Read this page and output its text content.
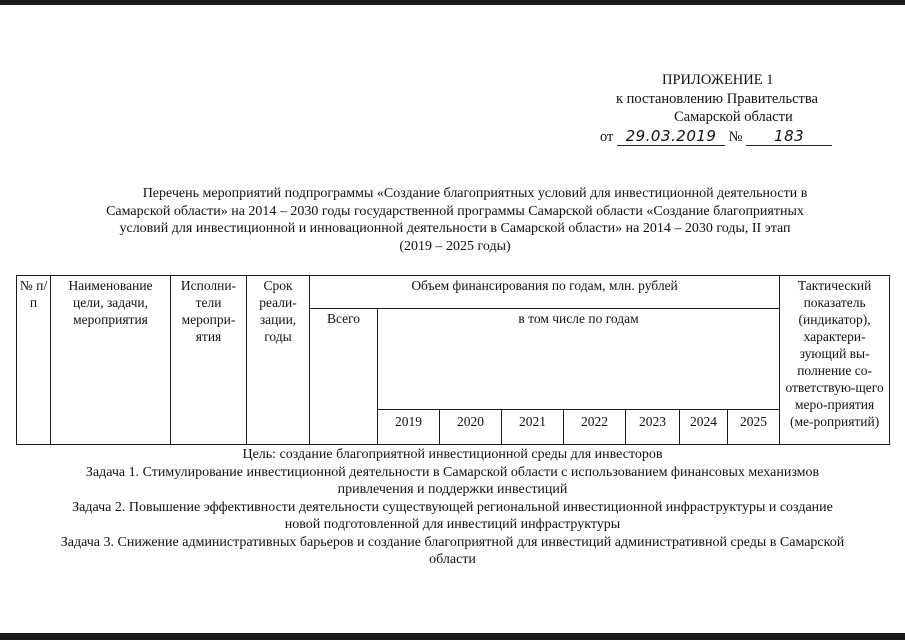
ПРИЛОЖЕНИЕ 1
к постановлению Правительства
Самарской области
от 29.03.2019 № 183
Перечень мероприятий подпрограммы «Создание благоприятных условий для инвестиционной деятельности в
Самарской области» на 2014 – 2030 годы государственной программы Самарской области «Создание благоприятных
условий для инвестиционной и инновационной деятельности в Самарской области» на 2014 – 2030 годы, II этап
(2019 – 2025 годы)
№ п/п	Наименование цели, задачи, мероприятия	Исполни-тели меропри-ятия	Срок реали-зации, годы	Объем финансирования по годам, млн. рублей								Тактический показатель (индикатор), характери-зующий вы-полнение со-ответствую-щего меро-приятия (ме-роприятий)
				Всего	в том числе по годам							
					2019	2020	2021	2022	2023	2024	2025	
Цель: создание благоприятной инвестиционной среды для инвесторов
Задача 1. Стимулирование инвестиционной деятельности в Самарской области с использованием финансовых механизмов
привлечения и поддержки инвестиций
Задача 2. Повышение эффективности деятельности существующей региональной инвестиционной инфраструктуры и создание
новой подготовленной для инвестиций инфраструктуры
Задача 3. Снижение административных барьеров и создание благоприятной для инвестиций административной среды в Самарской
области
